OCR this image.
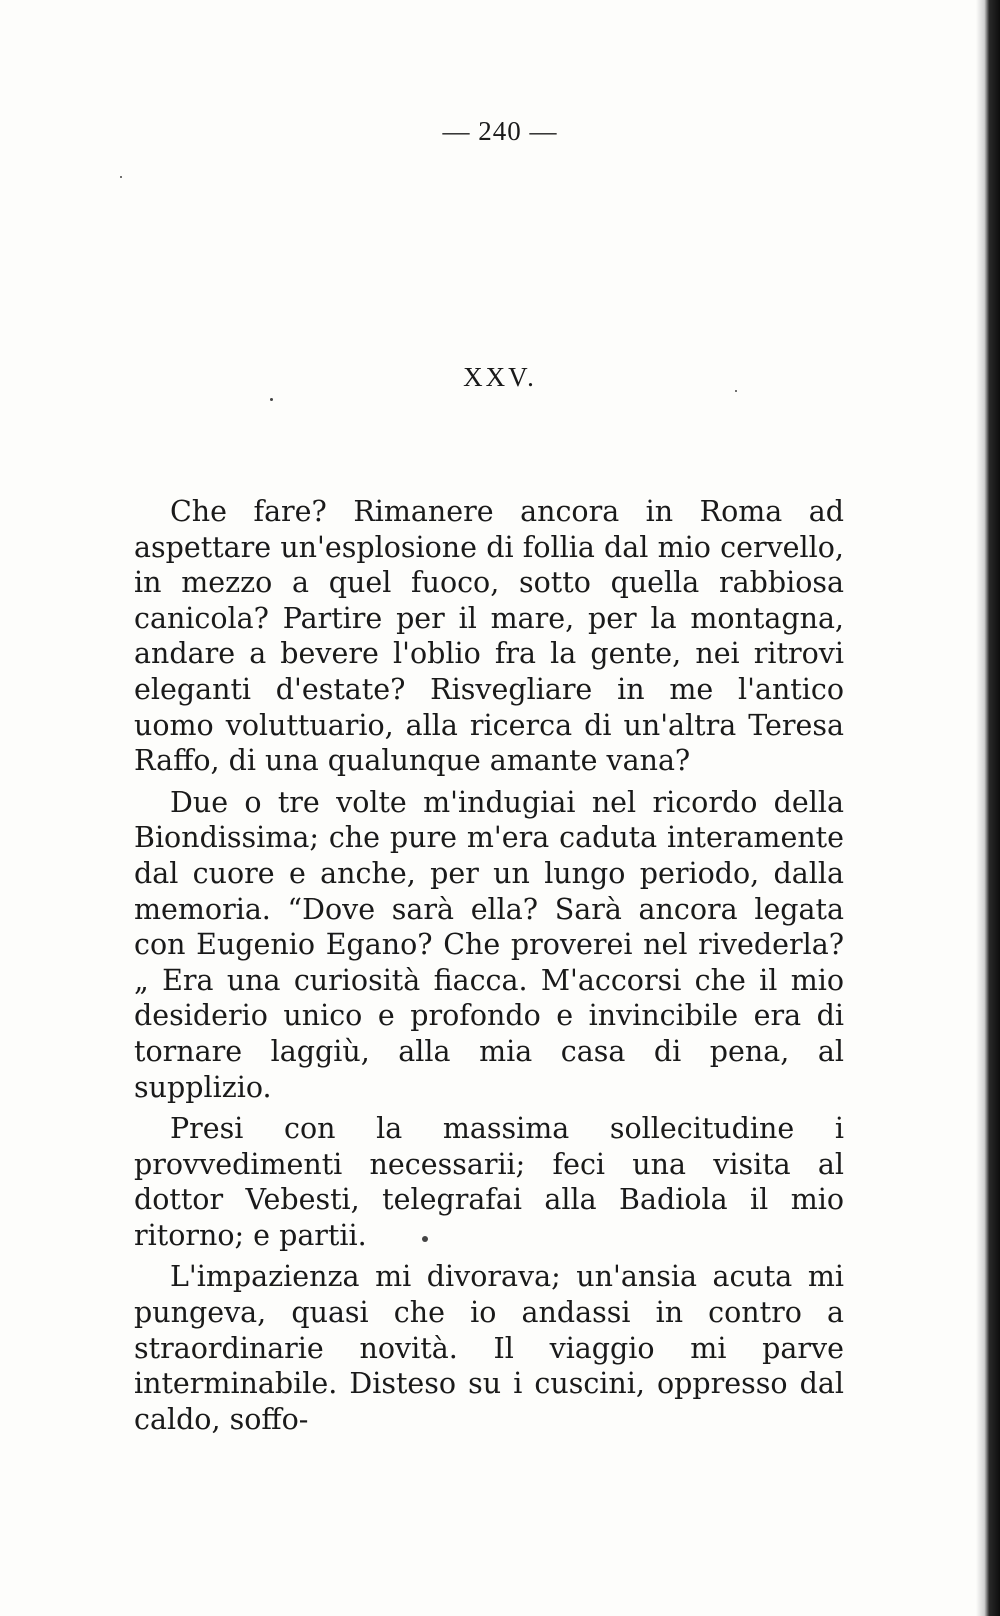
— 240 —
XXV.

Che fare? Rimanere ancora in Roma ad aspettare un'esplosione di follia dal mio cervello, in mezzo a quel fuoco, sotto quella rabbiosa canicola? Partire per il mare, per la montagna, andare a bevere l'oblio fra la gente, nei ritrovi eleganti d'estate? Risvegliare in me l'antico uomo voluttuario, alla ricerca di un'altra Teresa Raffo, di una qualunque amante vana?

Due o tre volte m'indugiai nel ricordo della Biondissima; che pure m'era caduta interamente dal cuore e anche, per un lungo periodo, dalla memoria. “Dove sarà ella? Sarà ancora legata con Eugenio Egano? Che proverei nel rivederla?„ Era una curiosità fiacca. M'accorsi che il mio desiderio unico e profondo e invincibile era di tornare laggiù, alla mia casa di pena, al supplizio.

Presi con la massima sollecitudine i provvedimenti necessarii; feci una visita al dottor Vebesti, telegrafai alla Badiola il mio ritorno; e partii.

L'impazienza mi divorava; un'ansia acuta mi pungeva, quasi che io andassi in contro a straordinarie novità. Il viaggio mi parve interminabile. Disteso su i cuscini, oppresso dal caldo, soffo-
